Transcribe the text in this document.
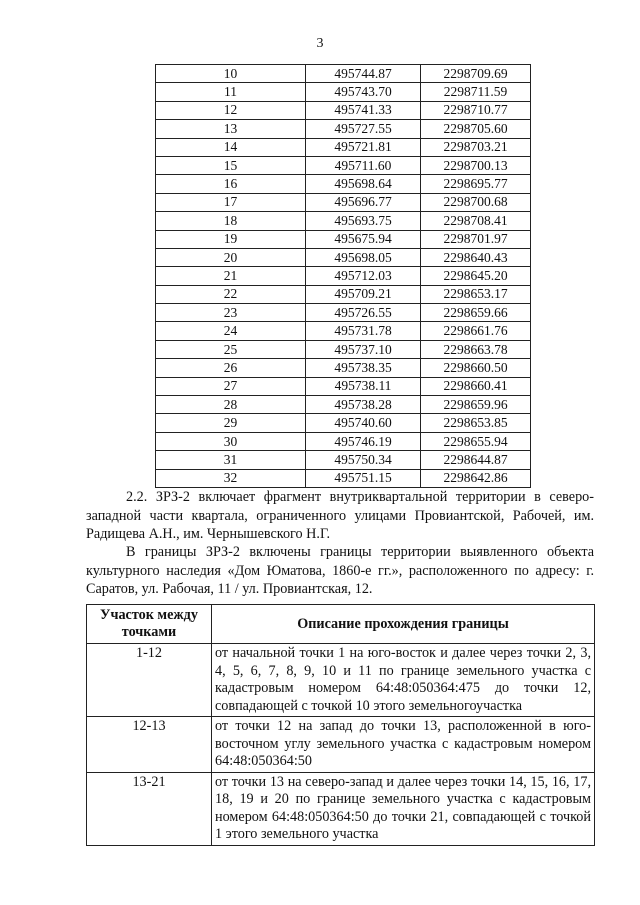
3
10	495744.87	2298709.69
11	495743.70	2298711.59
12	495741.33	2298710.77
13	495727.55	2298705.60
14	495721.81	2298703.21
15	495711.60	2298700.13
16	495698.64	2298695.77
17	495696.77	2298700.68
18	495693.75	2298708.41
19	495675.94	2298701.97
20	495698.05	2298640.43
21	495712.03	2298645.20
22	495709.21	2298653.17
23	495726.55	2298659.66
24	495731.78	2298661.76
25	495737.10	2298663.78
26	495738.35	2298660.50
27	495738.11	2298660.41
28	495738.28	2298659.96
29	495740.60	2298653.85
30	495746.19	2298655.94
31	495750.34	2298644.87
32	495751.15	2298642.86

2.2. ЗРЗ-2 включает фрагмент внутриквартальной территории в северо-западной части квартала, ограниченного улицами Провиантской, Рабочей, им. Радищева А.Н., им. Чернышевского Н.Г.

В границы ЗРЗ-2 включены границы территории выявленного объекта культурного наследия «Дом Юматова, 1860-е гг.», расположенного по адресу: г. Саратов, ул. Рабочая, 11 / ул. Провиантская, 12.

Участок между точками	Описание прохождения границы
1-12	от начальной точки 1 на юго-восток и далее через точки 2, 3, 4, 5, 6, 7, 8, 9, 10 и 11 по границе земельного участка с кадастровым номером 64:48:050364:475 до точки 12, совпадающей с точкой 10 этого земельногоучастка
12-13	от точки 12 на запад до точки 13, расположенной в юго-восточном углу земельного участка с кадастровым номером 64:48:050364:50
13-21	от точки 13 на северо-запад и далее через точки 14, 15, 16, 17, 18, 19 и 20 по границе земельного участка с кадастровым номером 64:48:050364:50 до точки 21, совпадающей с точкой 1 этого земельного участка
